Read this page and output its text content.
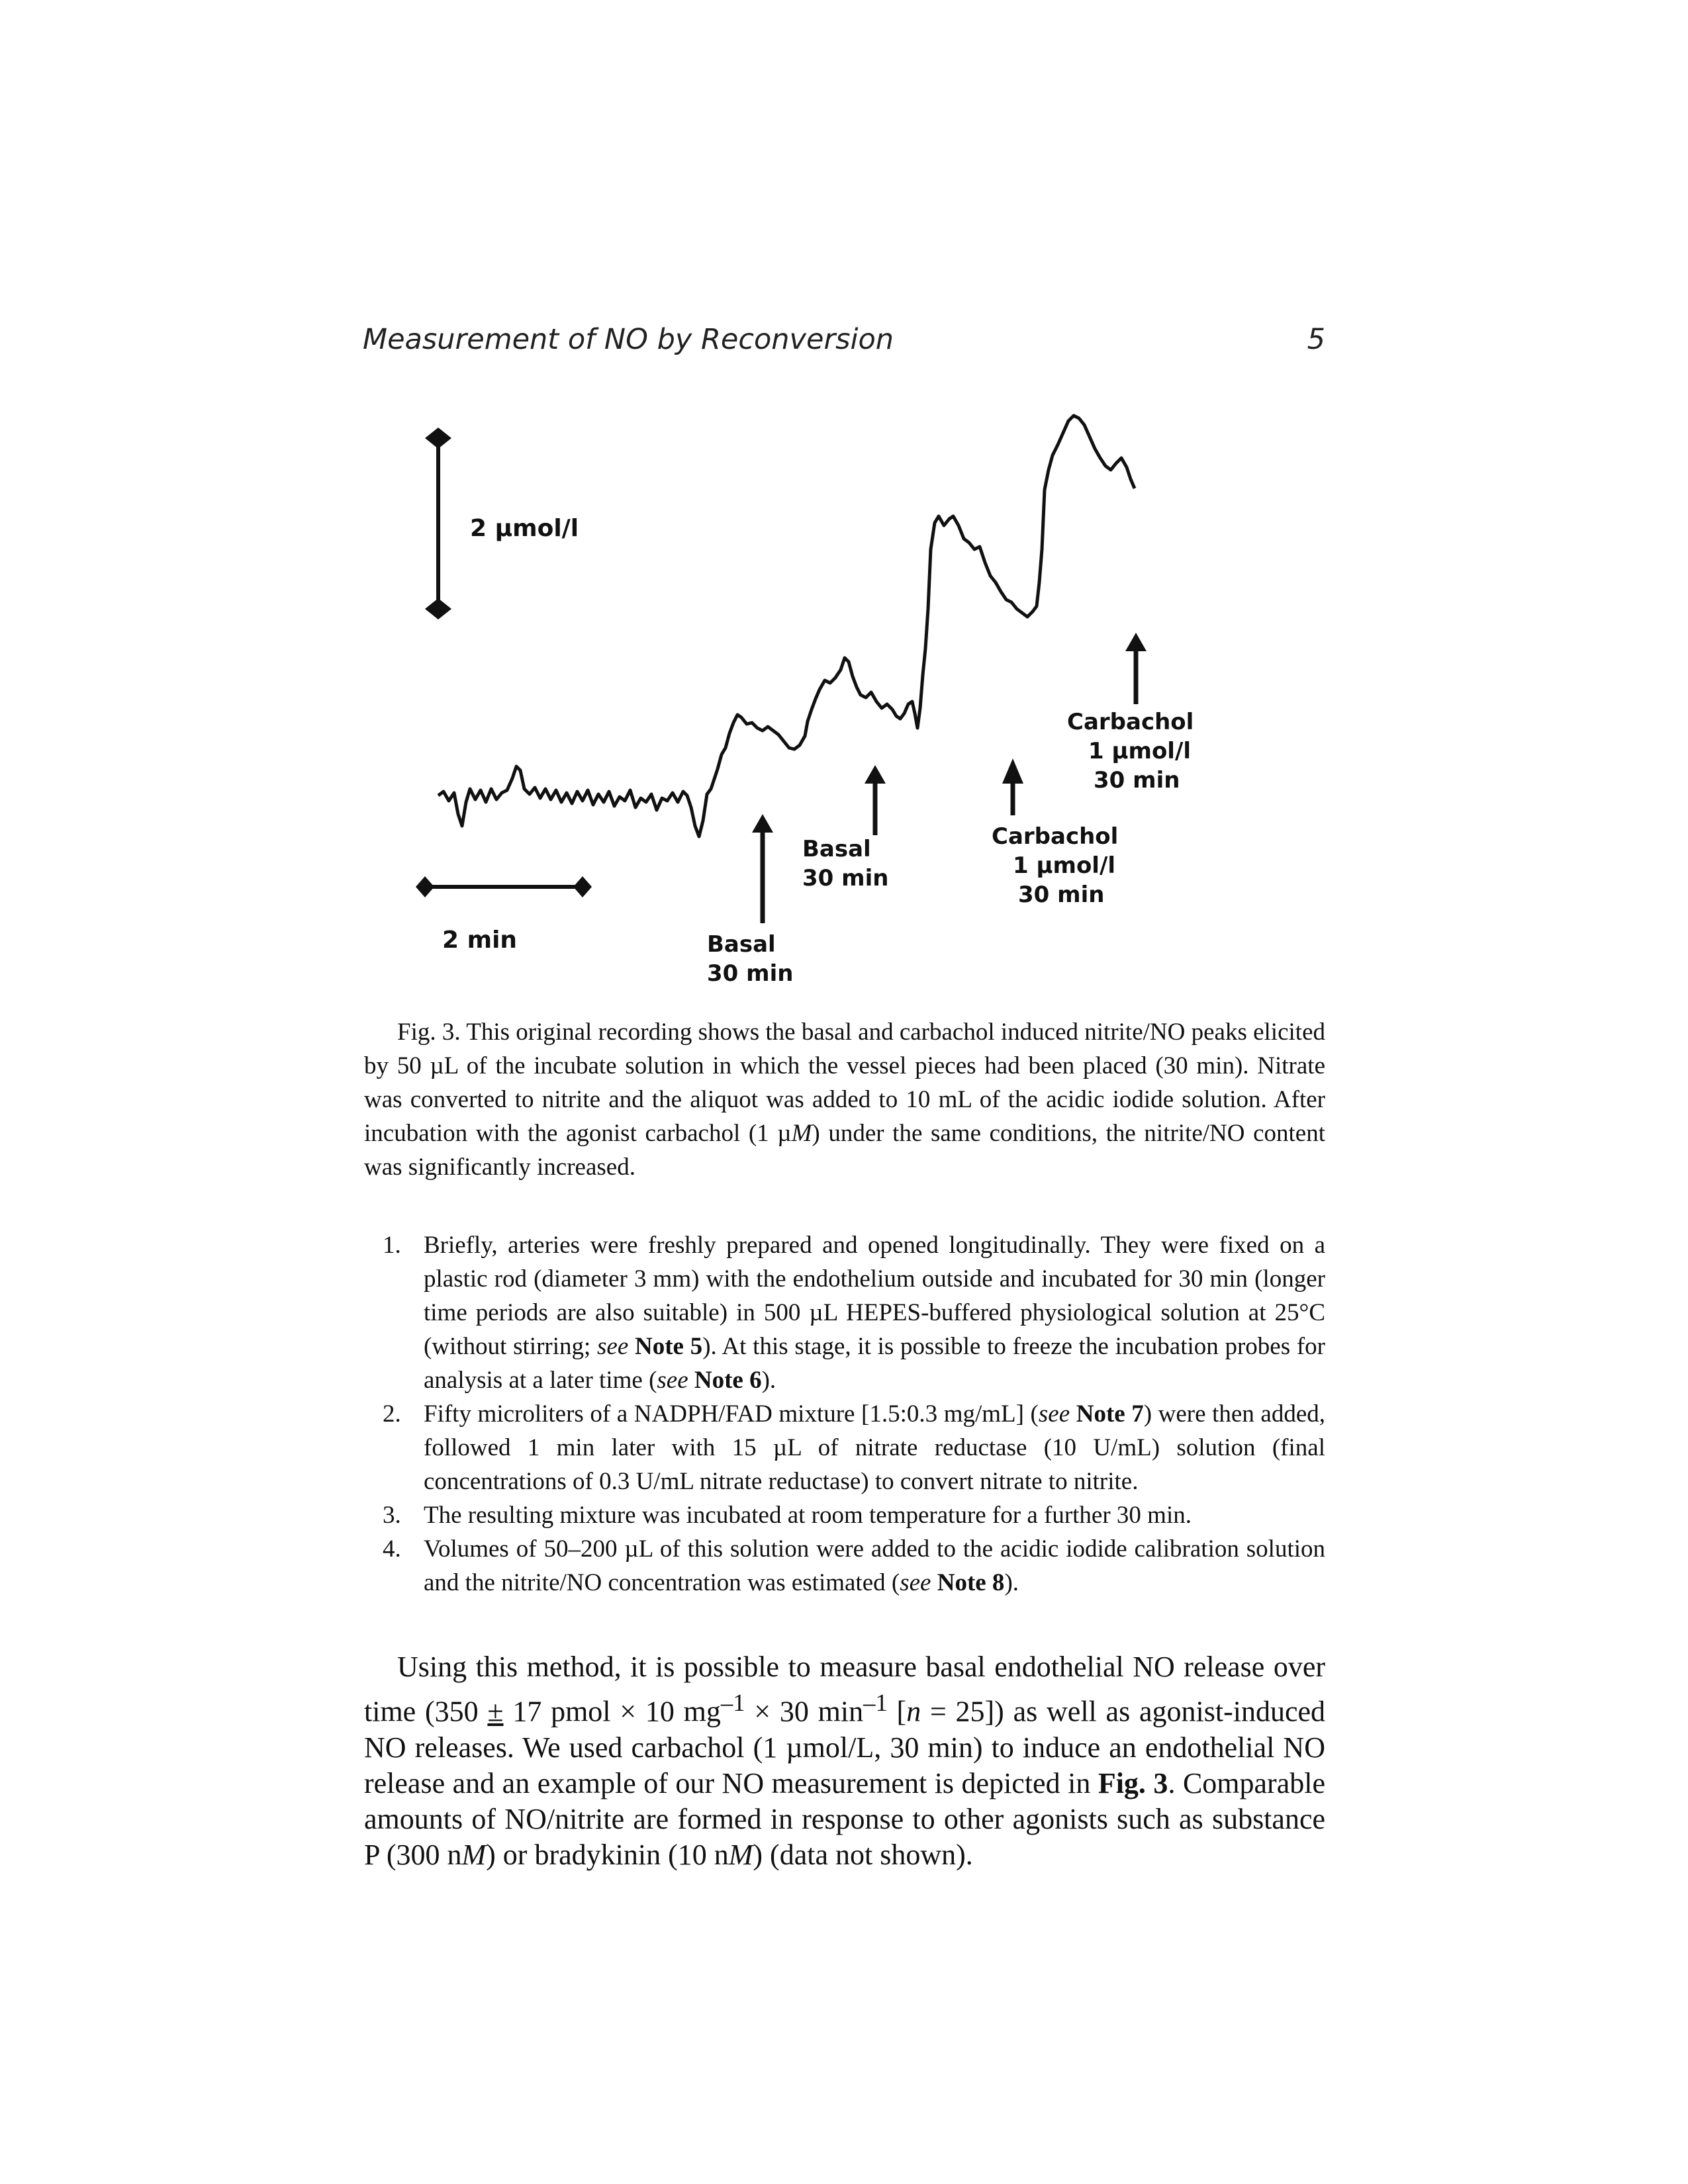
Measurement of NO by Reconversion	5
2 µmol/l
2 min	Basal
30 min
Basal
30 min
Carbachol
1 µmol/l
30 min
Carbachol
1 µmol/l
30 min

Fig. 3. This original recording shows the basal and carbachol induced nitrite/NO peaks elicited by 50 µL of the incubate solution in which the vessel pieces had been placed (30 min). Nitrate was converted to nitrite and the aliquot was added to 10 mL of the acidic iodide solution. After incubation with the agonist carbachol (1 µM) under the same conditions, the nitrite/NO content was significantly increased.

1. Briefly, arteries were freshly prepared and opened longitudinally. They were fixed on a plastic rod (diameter 3 mm) with the endothelium outside and incubated for 30 min (longer time periods are also suitable) in 500 µL HEPES-buffered physiological solution at 25°C (without stirring; see Note 5). At this stage, it is possible to freeze the incubation probes for analysis at a later time (see Note 6).
2. Fifty microliters of a NADPH/FAD mixture [1.5:0.3 mg/mL] (see Note 7) were then added, followed 1 min later with 15 µL of nitrate reductase (10 U/mL) solution (final concentrations of 0.3 U/mL nitrate reductase) to convert nitrate to nitrite.
3. The resulting mixture was incubated at room temperature for a further 30 min.
4. Volumes of 50–200 µL of this solution were added to the acidic iodide calibration solution and the nitrite/NO concentration was estimated (see Note 8).

Using this method, it is possible to measure basal endothelial NO release over time (350 ± 17 pmol × 10 $mg^{-1} \times 30$ $\min^{-1} [n = 25]$) as well as agonist-induced NO releases. We used carbachol (1 µmol/L, 30 min) to induce an endothelial NO release and an example of our NO measurement is depicted in Fig. 3. Comparable amounts of NO/nitrite are formed in response to other agonists such as substance P (300 nM) or bradykinin (10 nM) (data not shown).
